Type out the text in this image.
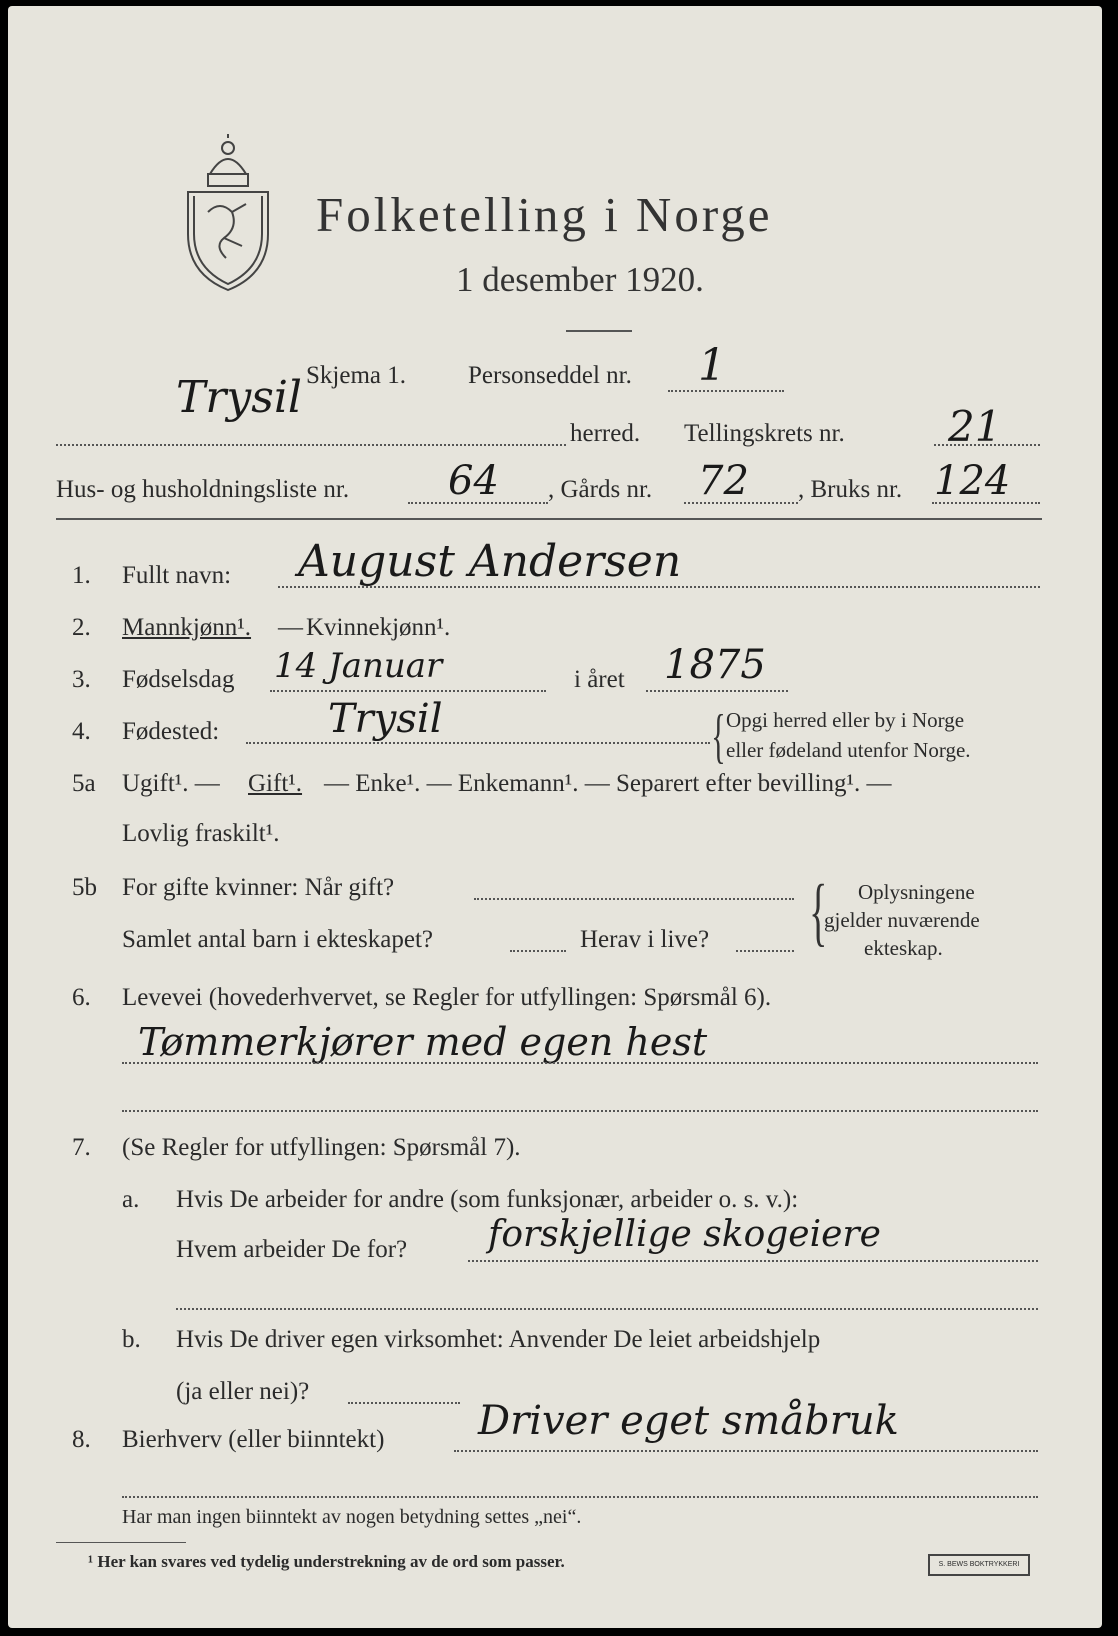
Folketelling i Norge
1 desember 1920.
Trysil Skjema 1. Personseddel nr. 1
herred. Tellingskrets nr. 21
Hus- og husholdningsliste nr. 64 , Gårds nr. 72 , Bruks nr. 124
1. Fullt navn: August Andersen
2. Mannkjønn¹. — Kvinnekjønn¹.
3. Fødselsdag 14 Januar	i året 1875
4. Fødested:	Trysil	{ Opgi herred eller by i Norge
eller fødeland utenfor Norge.
5a Ugift¹. — Gift¹. — Enke¹. — Enkemann¹. — Separert efter bevilling¹. —
Lovlig fraskilt¹.
5b For gifte kvinner: Når gift?
Samlet antal barn i ekteskapet?	Herav i live? { Oplysningene
gjelder nuværende
ekteskap.
6. Levevei (hovederhvervet, se Regler for utfyllingen: Spørsmål 6).
Tømmerkjører med egen hest
7. (Se Regler for utfyllingen: Spørsmål 7).
a. Hvis De arbeider for andre (som funksjonær, arbeider o. s. v.):
Hvem arbeider De for? forskjellige skogeiere
b. Hvis De driver egen virksomhet: Anvender De leiet arbeidshjelp
(ja eller nei)?
8. Bierhverv (eller biinntekt) Driver eget småbruk
Har man ingen biinntekt av nogen betydning settes „nei“.
¹ Her kan svares ved tydelig understrekning av de ord som passer.	S. BEWS BOKTRYKKERI
